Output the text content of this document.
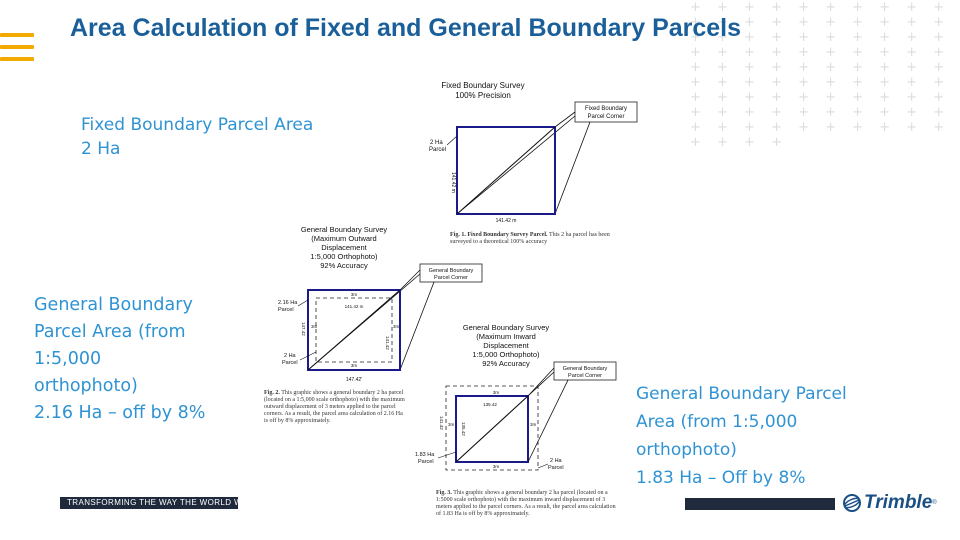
+ + + + + + + + + + + + + + + + + + + + + + + + + + + + + + + + + + + + + + + + + + + + + + + + + + + + + + + + + + + + + + + + + + + + + + + + + + + + + + + + + + + + + + + + + + + + + +
Area Calculation of Fixed and General Boundary Parcels
Fixed Boundary Parcel Area
2 Ha
General Boundary
Parcel Area (from
1:5,000
orthophoto)
2.16 Ha – off by 8%
General Boundary Parcel
Area (from 1:5,000
orthophoto)
1.83 Ha – Off by 8%
Fixed Boundary Survey
100% Precision
Fixed Boundary
Parcel Corner
2 Ha
Parcel
141.42 m
141.42 m
Fig. 1. Fixed Boundary Survey Parcel. This 2 ha parcel has been surveyed to a theoretical 100% accuracy
General Boundary Survey
(Maximum Outward
Displacement
1:5,000 Orthophoto)
92% Accuracy
General Boundary
Parcel Corner
3m
141.42 m
147.42
141.42
3m	3m
3m
147.42'
2.16 Ha
Parcel
2 Ha
Parcel
Fig. 2. This graphic shows a general boundary 2 ha parcel (located on a 1:5,000 scale orthophoto) with the maximum outward displacement of 3 meters applied to the parcel corners. As a result, the parcel area calculation of 2.16 Ha is off by 8% approximately.
General Boundary Survey
(Maximum Inward
Displacement
1:5,000 Orthophoto)
92% Accuracy
General Boundary
Parcel Corner
3m
135.42
141.42	135.42
3m	3m
3m
1.83 Ha
Parcel	2 Ha
Parcel
Fig. 3. This graphic shows a general boundary 2 ha parcel (located on a 1:5000 scale orthophoto) with the maximum inward displacement of 3 meters applied to the parcel corners. As a result, the parcel area calculation of 1.83 Ha is off by 8% approximately.
TRANSFORMING THE WAY THE WORLD WORKS	Trimble ®
